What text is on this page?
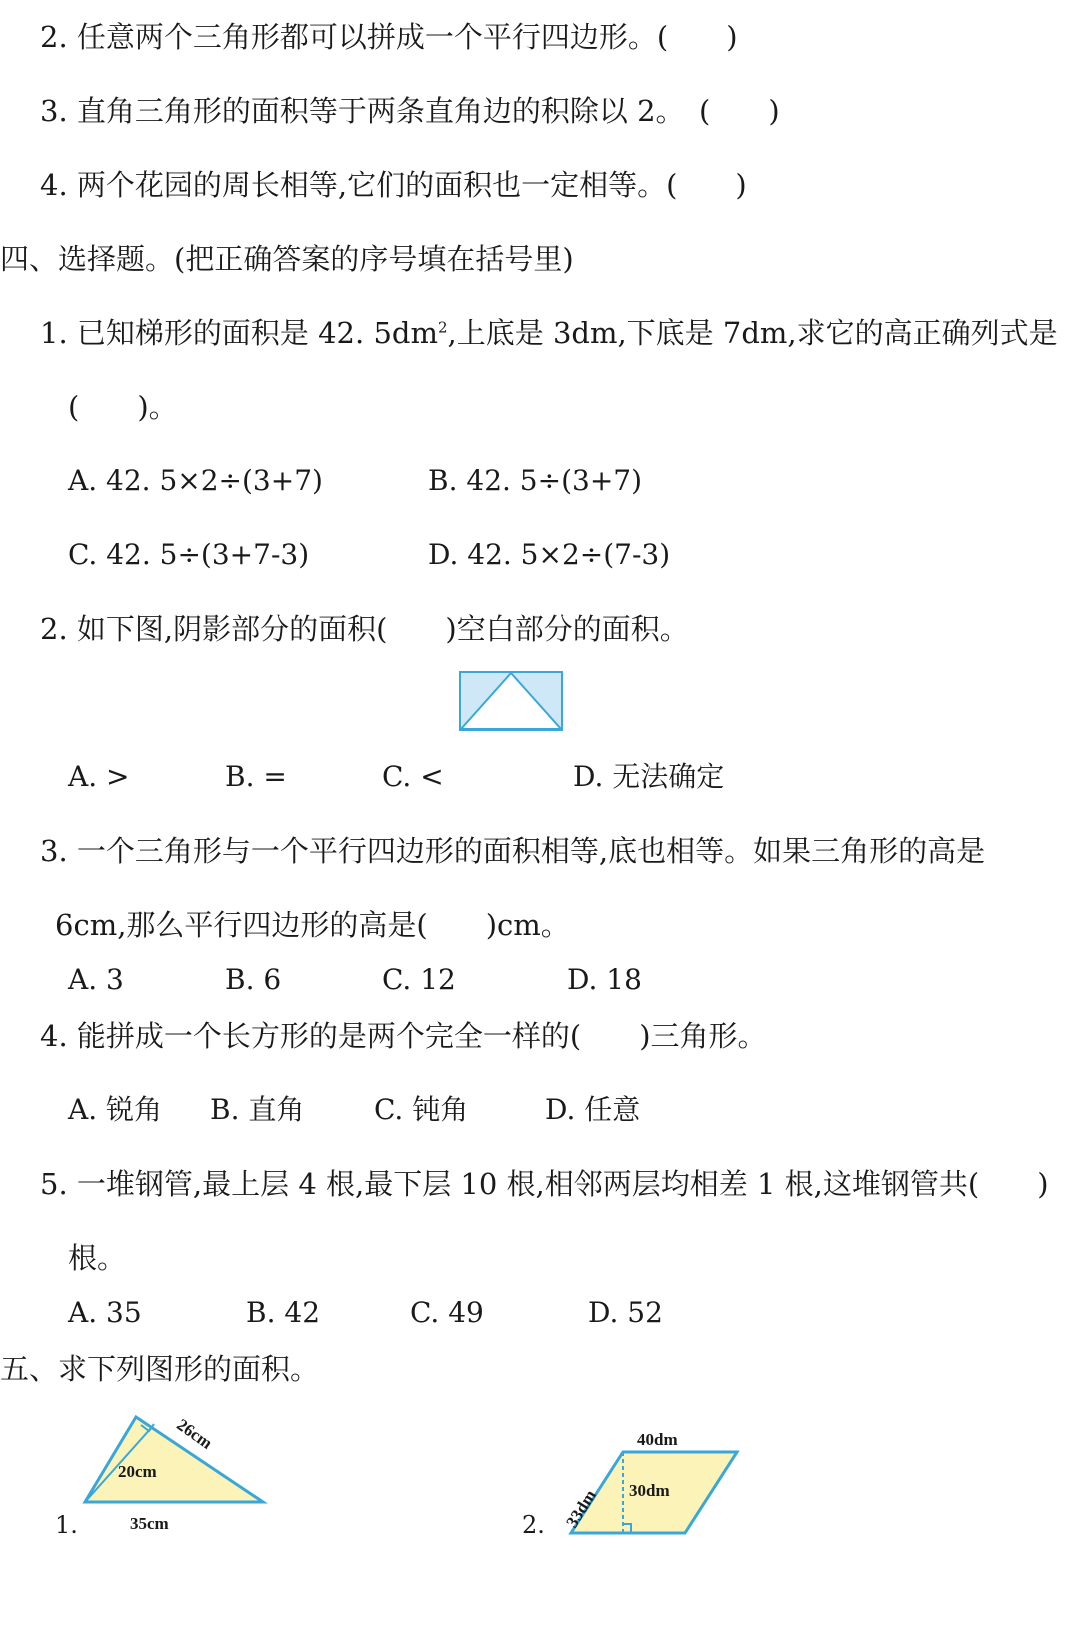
2. 任意两个三角形都可以拼成一个平行四边形。(　　)
3. 直角三角形的面积等于两条直角边的积除以 2。　(　　)
4. 两个花园的周长相等,它们的面积也一定相等。(　　)
四、选择题。(把正确答案的序号填在括号里)
1. 已知梯形的面积是 42. $5dm^2$,上底是 3dm,下底是 7dm,求它的高正确列式是
(　　)。
A. 42. 5×2÷(3+7)	B. 42. 5÷(3+7)
C. 42. 5÷(3+7-3)	D. 42. 5×2÷(7-3)
2. 如下图,阴影部分的面积(　　)空白部分的面积。
A. >	B. =	C. <	D. 无法确定
3. 一个三角形与一个平行四边形的面积相等,底也相等。如果三角形的高是
6cm,那么平行四边形的高是(　　)cm。
A. 3	B. 6	C. 12	D. 18
4. 能拼成一个长方形的是两个完全一样的(　　)三角形。
A. 锐角 B. 直角 C. 钝角	D. 任意
5. 一堆钢管,最上层 4 根,最下层 10 根,相邻两层均相差 1 根,这堆钢管共(　　)
根。
A. 35	B. 42	C. 49	D. 52
五、求下列图形的面积。
26cm
20cm
35cm
1.
40dm
30dm
33dm
2.
